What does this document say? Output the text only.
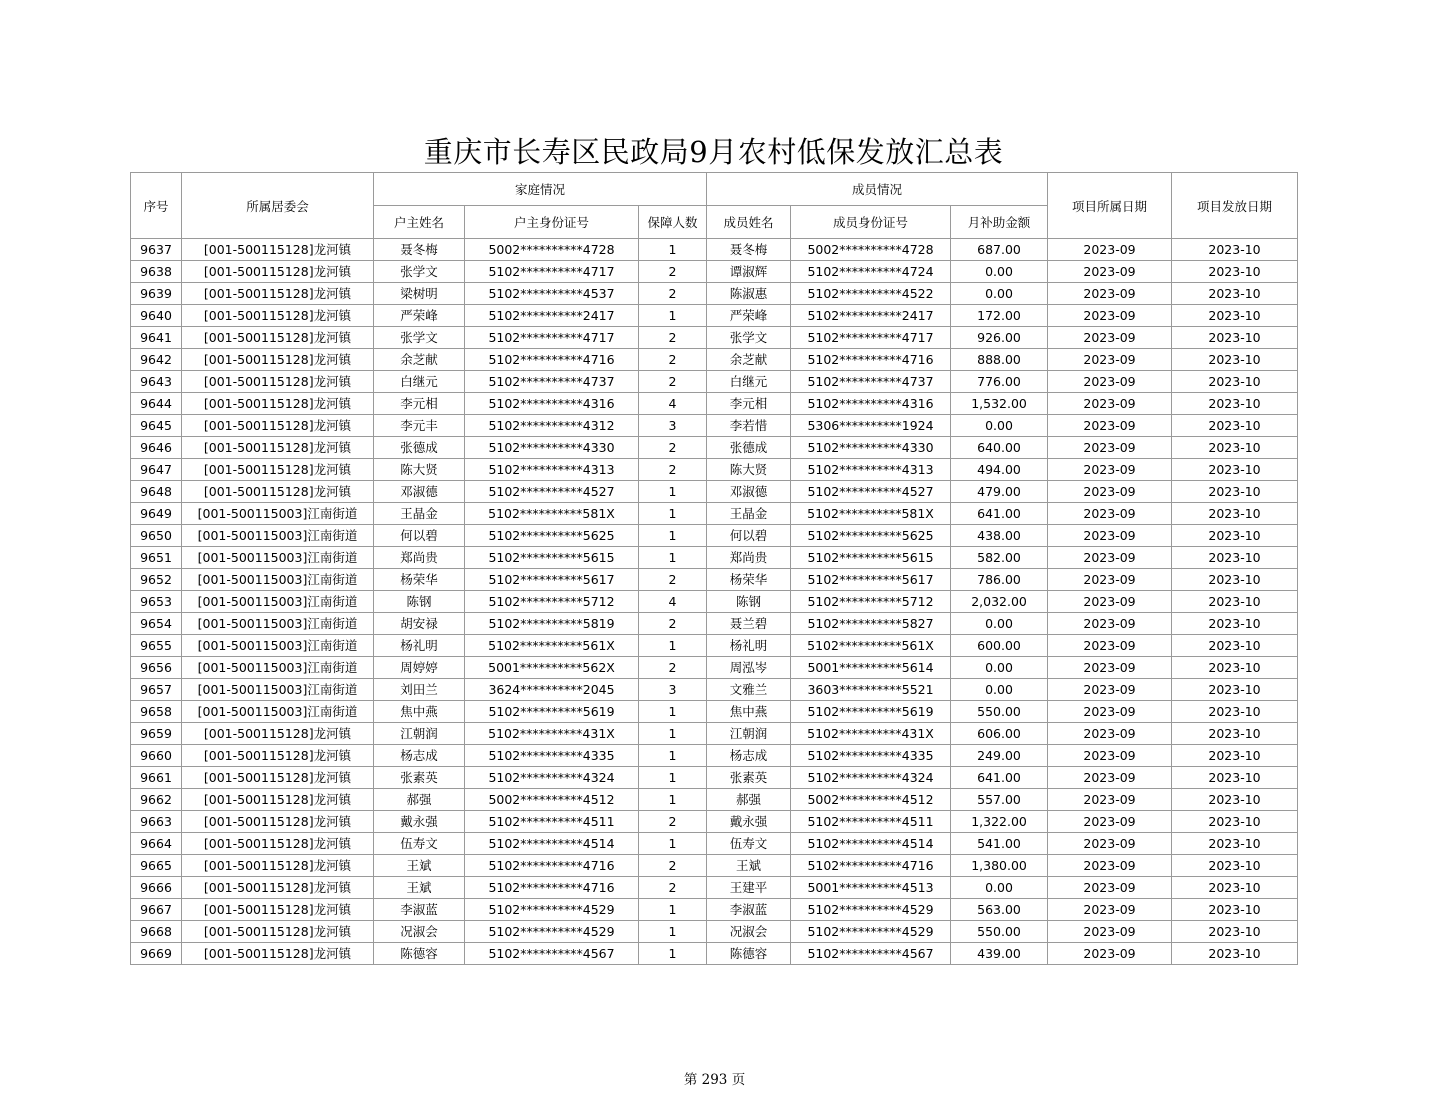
重庆市长寿区民政局9月农村低保发放汇总表
序号	所属居委会	家庭情况			成员情况			项目所属日期	项目发放日期
		户主姓名	户主身份证号	保障人数	成员姓名	成员身份证号	月补助金额		
9637	[001-500115128]龙河镇	聂冬梅	5002**********4728	1	聂冬梅	5002**********4728	687.00	2023-09	2023-10
9638	[001-500115128]龙河镇	张学文	5102**********4717	2	谭淑辉	5102**********4724	0.00	2023-09	2023-10
9639	[001-500115128]龙河镇	梁树明	5102**********4537	2	陈淑惠	5102**********4522	0.00	2023-09	2023-10
9640	[001-500115128]龙河镇	严荣峰	5102**********2417	1	严荣峰	5102**********2417	172.00	2023-09	2023-10
9641	[001-500115128]龙河镇	张学文	5102**********4717	2	张学文	5102**********4717	926.00	2023-09	2023-10
9642	[001-500115128]龙河镇	余芝献	5102**********4716	2	余芝献	5102**********4716	888.00	2023-09	2023-10
9643	[001-500115128]龙河镇	白继元	5102**********4737	2	白继元	5102**********4737	776.00	2023-09	2023-10
9644	[001-500115128]龙河镇	李元相	5102**********4316	4	李元相	5102**********4316	1,532.00	2023-09	2023-10
9645	[001-500115128]龙河镇	李元丰	5102**********4312	3	李若惜	5306**********1924	0.00	2023-09	2023-10
9646	[001-500115128]龙河镇	张德成	5102**********4330	2	张德成	5102**********4330	640.00	2023-09	2023-10
9647	[001-500115128]龙河镇	陈大贤	5102**********4313	2	陈大贤	5102**********4313	494.00	2023-09	2023-10
9648	[001-500115128]龙河镇	邓淑德	5102**********4527	1	邓淑德	5102**********4527	479.00	2023-09	2023-10
9649	[001-500115003]江南街道	王晶金	5102**********581X	1	王晶金	5102**********581X	641.00	2023-09	2023-10
9650	[001-500115003]江南街道	何以碧	5102**********5625	1	何以碧	5102**********5625	438.00	2023-09	2023-10
9651	[001-500115003]江南街道	郑尚贵	5102**********5615	1	郑尚贵	5102**********5615	582.00	2023-09	2023-10
9652	[001-500115003]江南街道	杨荣华	5102**********5617	2	杨荣华	5102**********5617	786.00	2023-09	2023-10
9653	[001-500115003]江南街道	陈钢	5102**********5712	4	陈钢	5102**********5712	2,032.00	2023-09	2023-10
9654	[001-500115003]江南街道	胡安禄	5102**********5819	2	聂兰碧	5102**********5827	0.00	2023-09	2023-10
9655	[001-500115003]江南街道	杨礼明	5102**********561X	1	杨礼明	5102**********561X	600.00	2023-09	2023-10
9656	[001-500115003]江南街道	周婷婷	5001**********562X	2	周泓岑	5001**********5614	0.00	2023-09	2023-10
9657	[001-500115003]江南街道	刘田兰	3624**********2045	3	文雅兰	3603**********5521	0.00	2023-09	2023-10
9658	[001-500115003]江南街道	焦中燕	5102**********5619	1	焦中燕	5102**********5619	550.00	2023-09	2023-10
9659	[001-500115128]龙河镇	江朝润	5102**********431X	1	江朝润	5102**********431X	606.00	2023-09	2023-10
9660	[001-500115128]龙河镇	杨志成	5102**********4335	1	杨志成	5102**********4335	249.00	2023-09	2023-10
9661	[001-500115128]龙河镇	张素英	5102**********4324	1	张素英	5102**********4324	641.00	2023-09	2023-10
9662	[001-500115128]龙河镇	郝强	5002**********4512	1	郝强	5002**********4512	557.00	2023-09	2023-10
9663	[001-500115128]龙河镇	戴永强	5102**********4511	2	戴永强	5102**********4511	1,322.00	2023-09	2023-10
9664	[001-500115128]龙河镇	伍寿文	5102**********4514	1	伍寿文	5102**********4514	541.00	2023-09	2023-10
9665	[001-500115128]龙河镇	王斌	5102**********4716	2	王斌	5102**********4716	1,380.00	2023-09	2023-10
9666	[001-500115128]龙河镇	王斌	5102**********4716	2	王建平	5001**********4513	0.00	2023-09	2023-10
9667	[001-500115128]龙河镇	李淑蓝	5102**********4529	1	李淑蓝	5102**********4529	563.00	2023-09	2023-10
9668	[001-500115128]龙河镇	况淑会	5102**********4529	1	况淑会	5102**********4529	550.00	2023-09	2023-10
9669	[001-500115128]龙河镇	陈德容	5102**********4567	1	陈德容	5102**********4567	439.00	2023-09	2023-10
第 293 页
